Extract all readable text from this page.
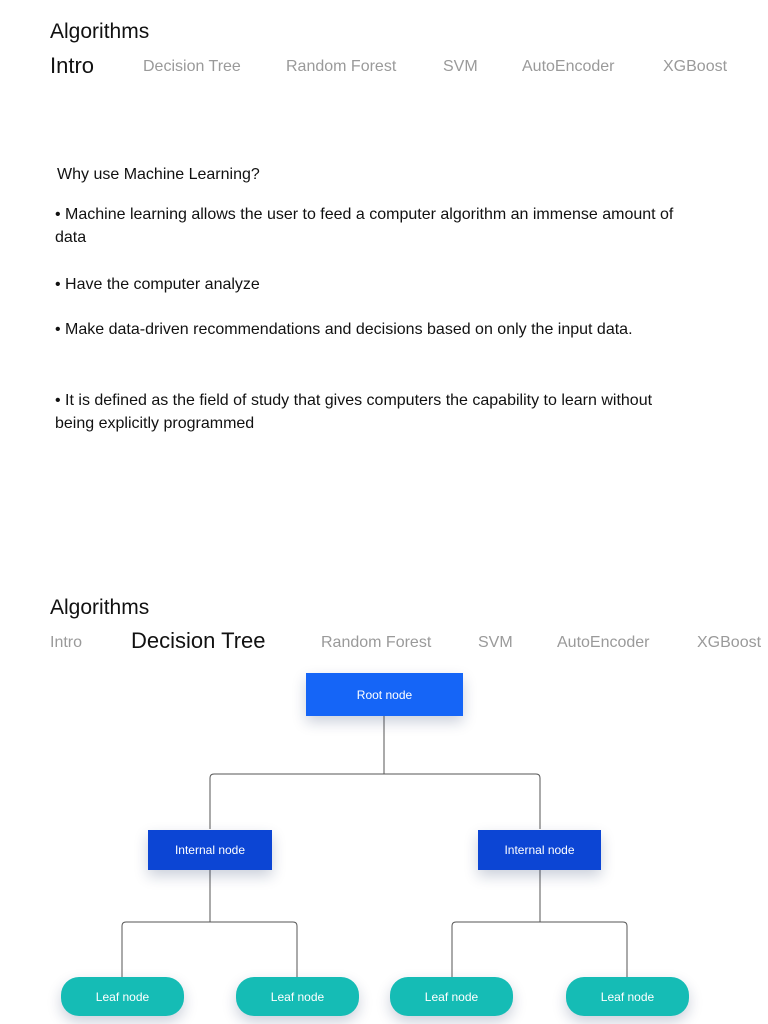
Algorithms
Intro	Decision Tree	Random Forest	SVM	AutoEncoder	XGBoost

Why use Machine Learning?

• Machine learning allows the user to feed a computer algorithm an immense amount of data

• Have the computer analyze

• Make data-driven recommendations and decisions based on only the input data.

• It is defined as the field of study that gives computers the capability to learn without being explicitly programmed

Algorithms
Intro Decision Tree	Random Forest	SVM	AutoEncoder	XGBoost
Root node
Internal node	Internal node
Leaf node	Leaf node	Leaf node	Leaf node
